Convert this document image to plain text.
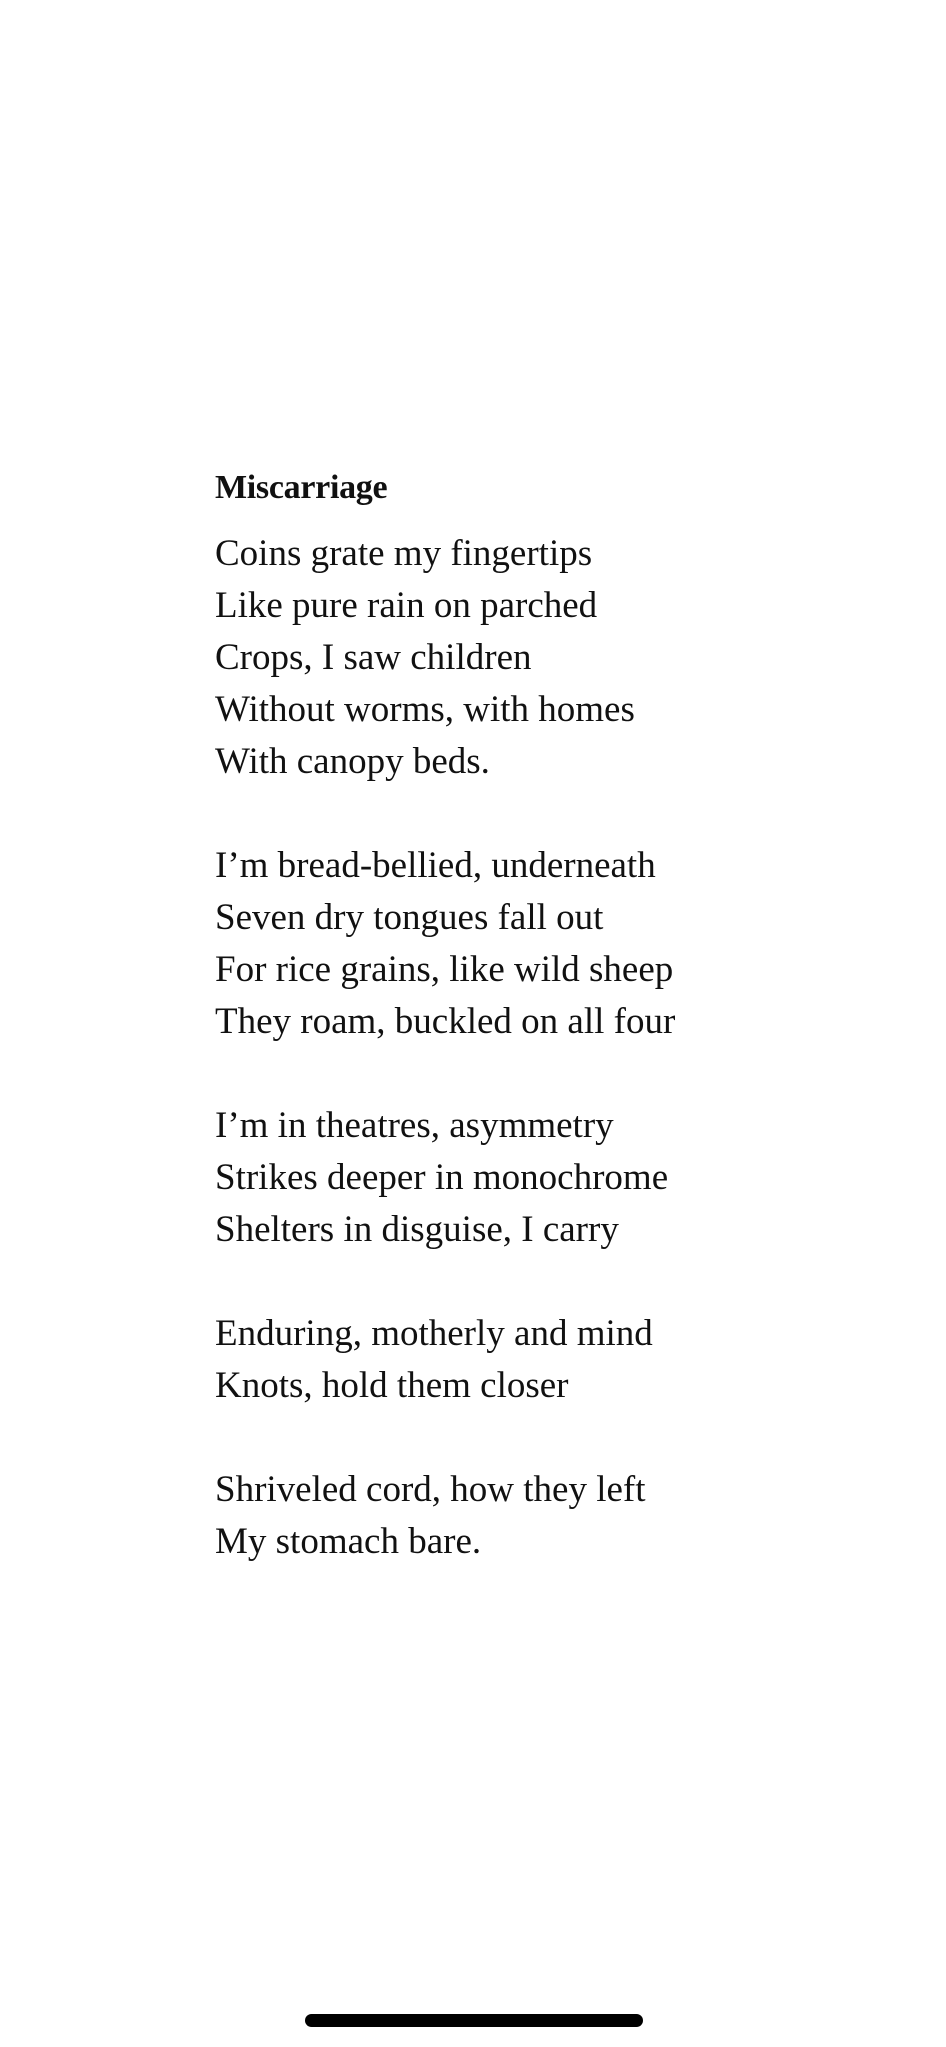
Miscarriage
Coins grate my fingertips
Like pure rain on parched
Crops, I saw children
Without worms, with homes
With canopy beds.
I’m bread-bellied, underneath
Seven dry tongues fall out
For rice grains, like wild sheep
They roam, buckled on all four
I’m in theatres, asymmetry
Strikes deeper in monochrome
Shelters in disguise, I carry
Enduring, motherly and mind
Knots, hold them closer
Shriveled cord, how they left
My stomach bare.
